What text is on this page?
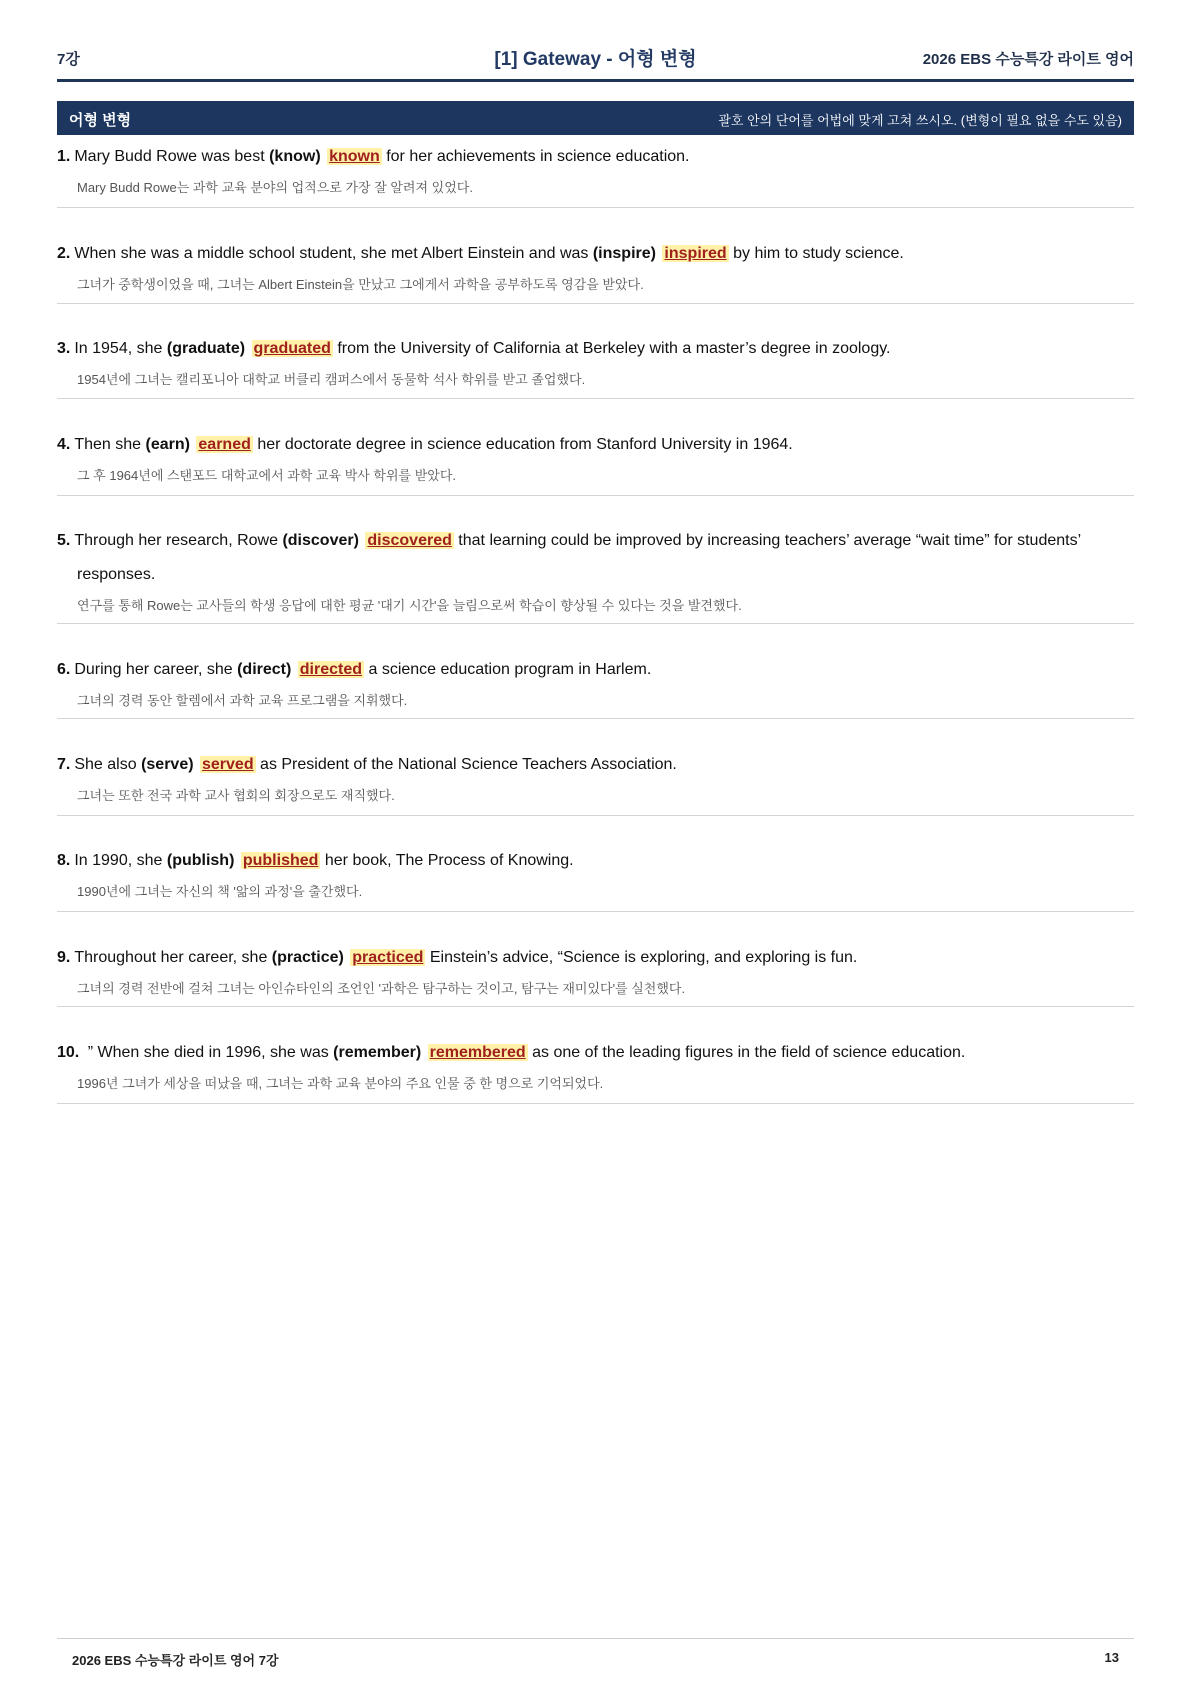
7강	[1] Gateway - 어형 변형	2026 EBS 수능특강 라이트 영어
어형 변형	괄호 안의 단어를 어법에 맞게 고쳐 쓰시오. (변형이 필요 없을 수도 있음)
1. Mary Budd Rowe was best (know) known for her achievements in science education.
Mary Budd Rowe는 과학 교육 분야의 업적으로 가장 잘 알려져 있었다.
2. When she was a middle school student, she met Albert Einstein and was (inspire) inspired by him to study science.
그녀가 중학생이었을 때, 그녀는 Albert Einstein을 만났고 그에게서 과학을 공부하도록 영감을 받았다.
3. In 1954, she (graduate) graduated from the University of California at Berkeley with a master’s degree in zoology.
1954년에 그녀는 캘리포니아 대학교 버클리 캠퍼스에서 동물학 석사 학위를 받고 졸업했다.
4. Then she (earn) earned her doctorate degree in science education from Stanford University in 1964.
그 후 1964년에 스탠포드 대학교에서 과학 교육 박사 학위를 받았다.
5. Through her research, Rowe (discover) discovered that learning could be improved by increasing teachers’ average “wait time” for students’ responses.
연구를 통해 Rowe는 교사들의 학생 응답에 대한 평균 '대기 시간'을 늘림으로써 학습이 향상될 수 있다는 것을 발견했다.
6. During her career, she (direct) directed a science education program in Harlem.
그녀의 경력 동안 할렘에서 과학 교육 프로그램을 지휘했다.
7. She also (serve) served as President of the National Science Teachers Association.
그녀는 또한 전국 과학 교사 협회의 회장으로도 재직했다.
8. In 1990, she (publish) published her book, The Process of Knowing.
1990년에 그녀는 자신의 책 '앎의 과정'을 출간했다.
9. Throughout her career, she (practice) practiced Einstein’s advice, “Science is exploring, and exploring is fun.
그녀의 경력 전반에 걸쳐 그녀는 아인슈타인의 조언인 '과학은 탐구하는 것이고, 탐구는 재미있다'를 실천했다.
10. ” When she died in 1996, she was (remember) remembered as one of the leading figures in the field of science education.
1996년 그녀가 세상을 떠났을 때, 그녀는 과학 교육 분야의 주요 인물 중 한 명으로 기억되었다.
2026 EBS 수능특강 라이트 영어 7강	13
